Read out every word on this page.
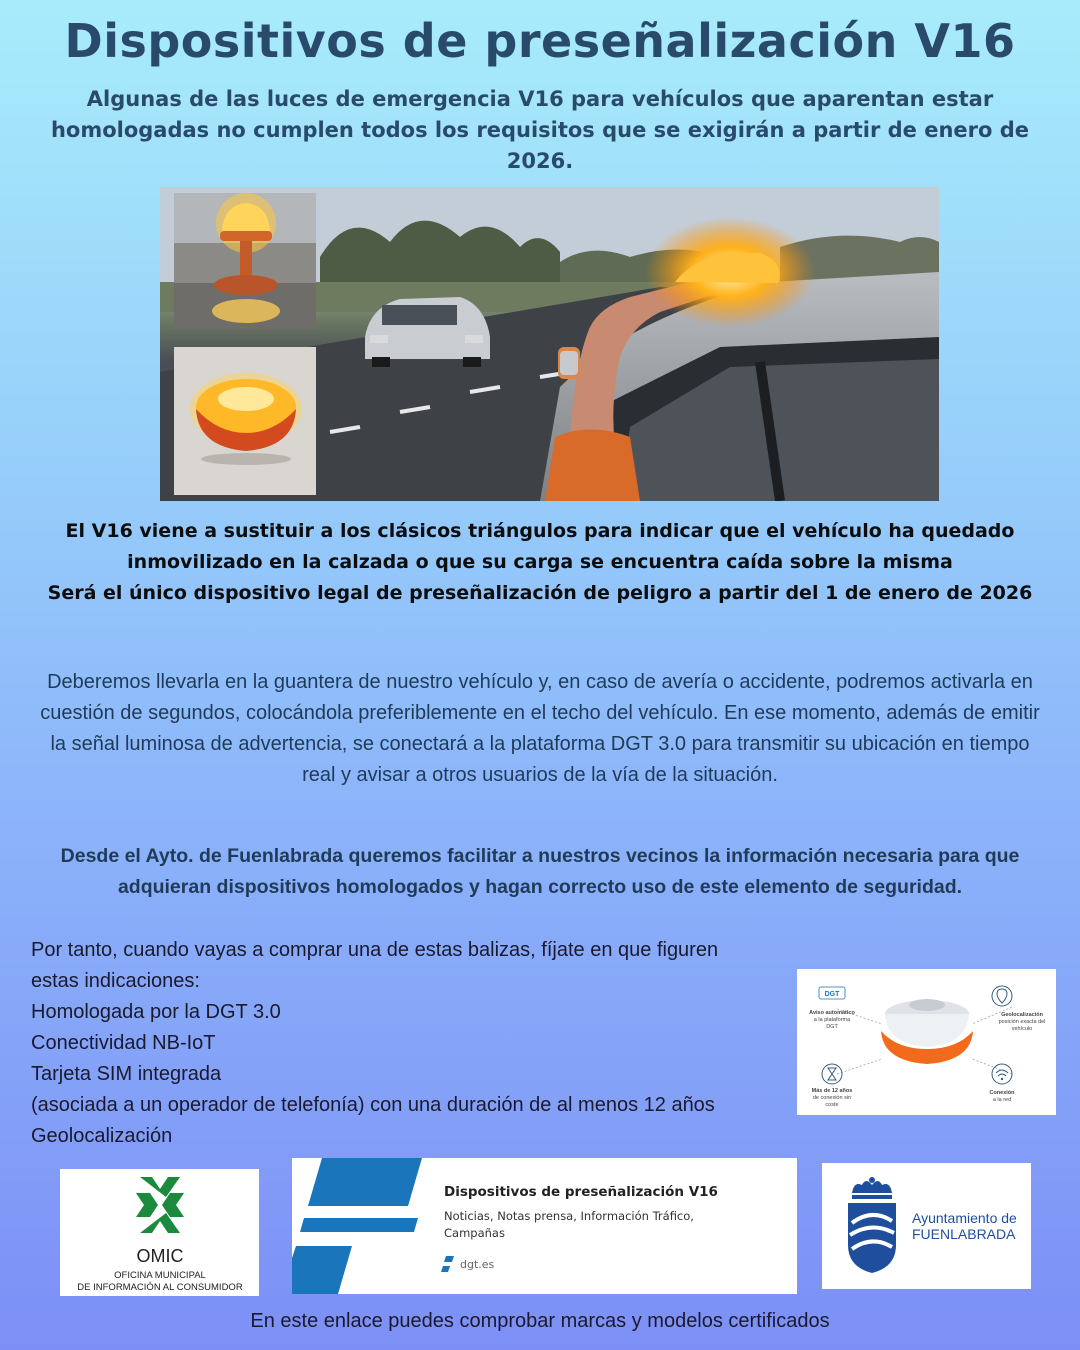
Dispositivos de preseñalización V16
Algunas de las luces de emergencia V16 para vehículos que aparentan estar homologadas no cumplen todos los requisitos que se exigirán a partir de enero de 2026.
El V16 viene a sustituir a los clásicos triángulos para indicar que el vehículo ha quedado inmovilizado en la calzada o que su carga se encuentra caída sobre la misma
Será el único dispositivo legal de preseñalización de peligro a partir del 1 de enero de 2026
Deberemos llevarla en la guantera de nuestro vehículo y, en caso de avería o accidente, podremos activarla en cuestión de segundos, colocándola preferiblemente en el techo del vehículo. En ese momento, además de emitir la señal luminosa de advertencia, se conectará a la plataforma DGT 3.0 para transmitir su ubicación en tiempo real y avisar a otros usuarios de la vía de la situación.
Desde el Ayto. de Fuenlabrada queremos facilitar a nuestros vecinos la información necesaria para que adquieran dispositivos homologados y hagan correcto uso de este elemento de seguridad.
Por tanto, cuando vayas a comprar una de estas balizas, fíjate en que figuren
estas indicaciones:
Homologada por la DGT 3.0
Conectividad NB-IoT
Tarjeta SIM integrada
(asociada a un operador de telefonía) con una duración de al menos 12 años
Geolocalización
DGT
Aviso automático
a la plataforma
DGT
Geolocalización
posición exacta del
vehículo
Más de 12 años
de conexión sin
coste
Conexión
a la red
OMIC
OFICINA MUNICIPAL
DE INFORMACIÓN AL CONSUMIDOR
Dispositivos de preseñalización V16
Noticias, Notas prensa, Información Tráfico, Campañas
dgt.es
Ayuntamiento de
FUENLABRADA
En este enlace puedes comprobar marcas y modelos certificados
